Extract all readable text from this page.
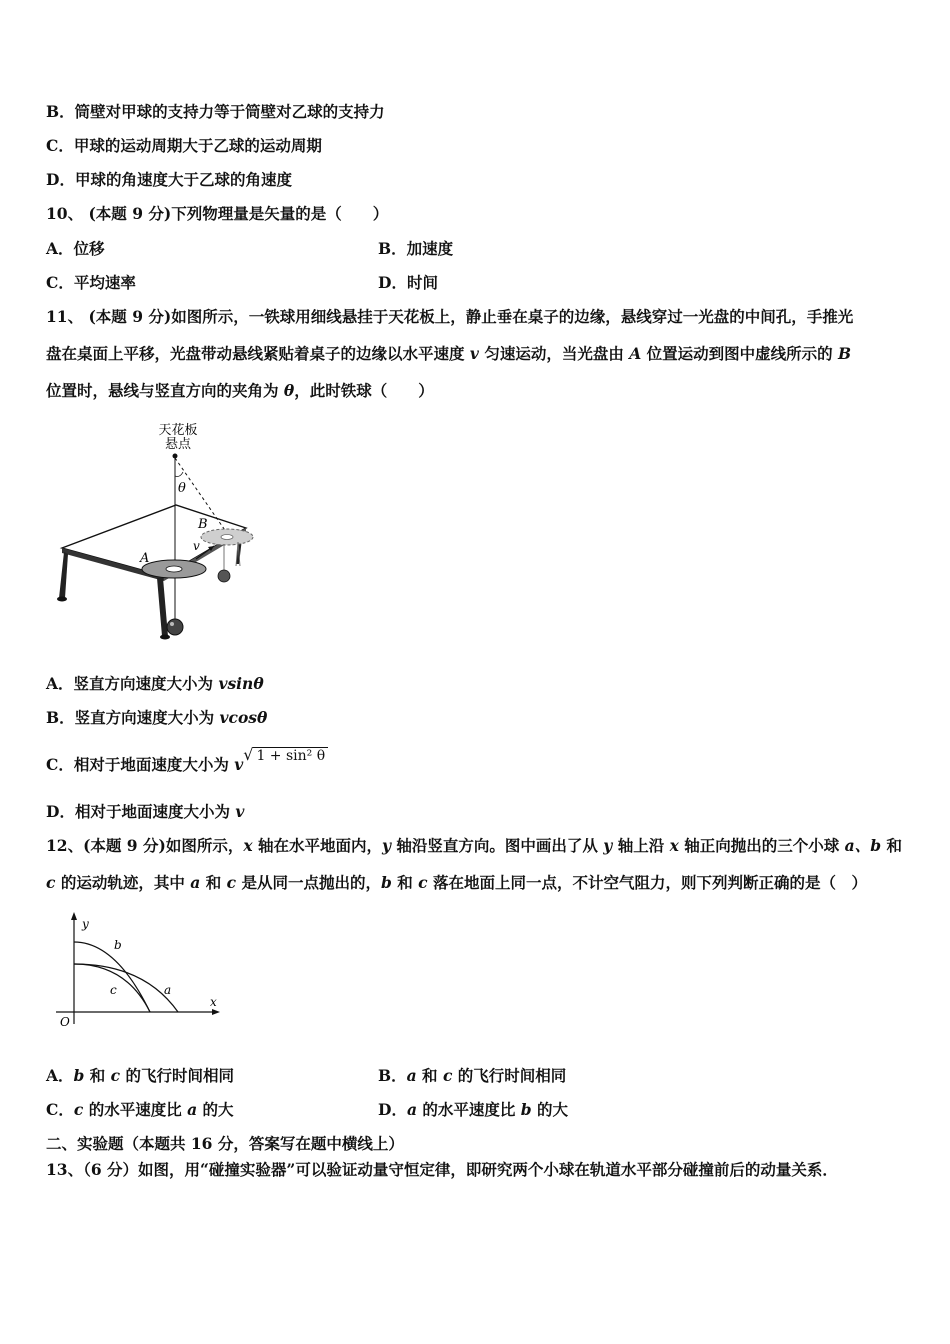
B．筒壁对甲球的支持力等于筒壁对乙球的支持力
C．甲球的运动周期大于乙球的运动周期
D．甲球的角速度大于乙球的角速度
10、 (本题 9 分)下列物理量是矢量的是（　　）
A．位移	B．加速度
C．平均速率	D．时间
11、 (本题 9 分)如图所示，一铁球用细线悬挂于天花板上，静止垂在桌子的边缘，悬线穿过一光盘的中间孔，手推光
盘在桌面上平移，光盘带动悬线紧贴着桌子的边缘以水平速度 v 匀速运动，当光盘由 A 位置运动到图中虚线所示的 B
位置时，悬线与竖直方向的夹角为 θ，此时铁球（　　）
天花板
悬点
θ
A
B
v
A．竖直方向速度大小为 vsinθ
B．竖直方向速度大小为 vcosθ
C．相对于地面速度大小为 v√ 1 + sin² θ
D．相对于地面速度大小为 v
12、(本题 9 分)如图所示，x 轴在水平地面内，y 轴沿竖直方向。图中画出了从 y 轴上沿 x 轴正向抛出的三个小球 a、b 和
c 的运动轨迹，其中 a 和 c 是从同一点抛出的，b 和 c 落在地面上同一点，不计空气阻力，则下列判断正确的是（　）
y
x
O
b
a
c
A．b 和 c 的飞行时间相同	B．a 和 c 的飞行时间相同
C．c 的水平速度比 a 的大	D．a 的水平速度比 b 的大
二、实验题（本题共 16 分，答案写在题中横线上）
13、（6 分）如图，用“碰撞实验器”可以验证动量守恒定律，即研究两个小球在轨道水平部分碰撞前后的动量关系．
